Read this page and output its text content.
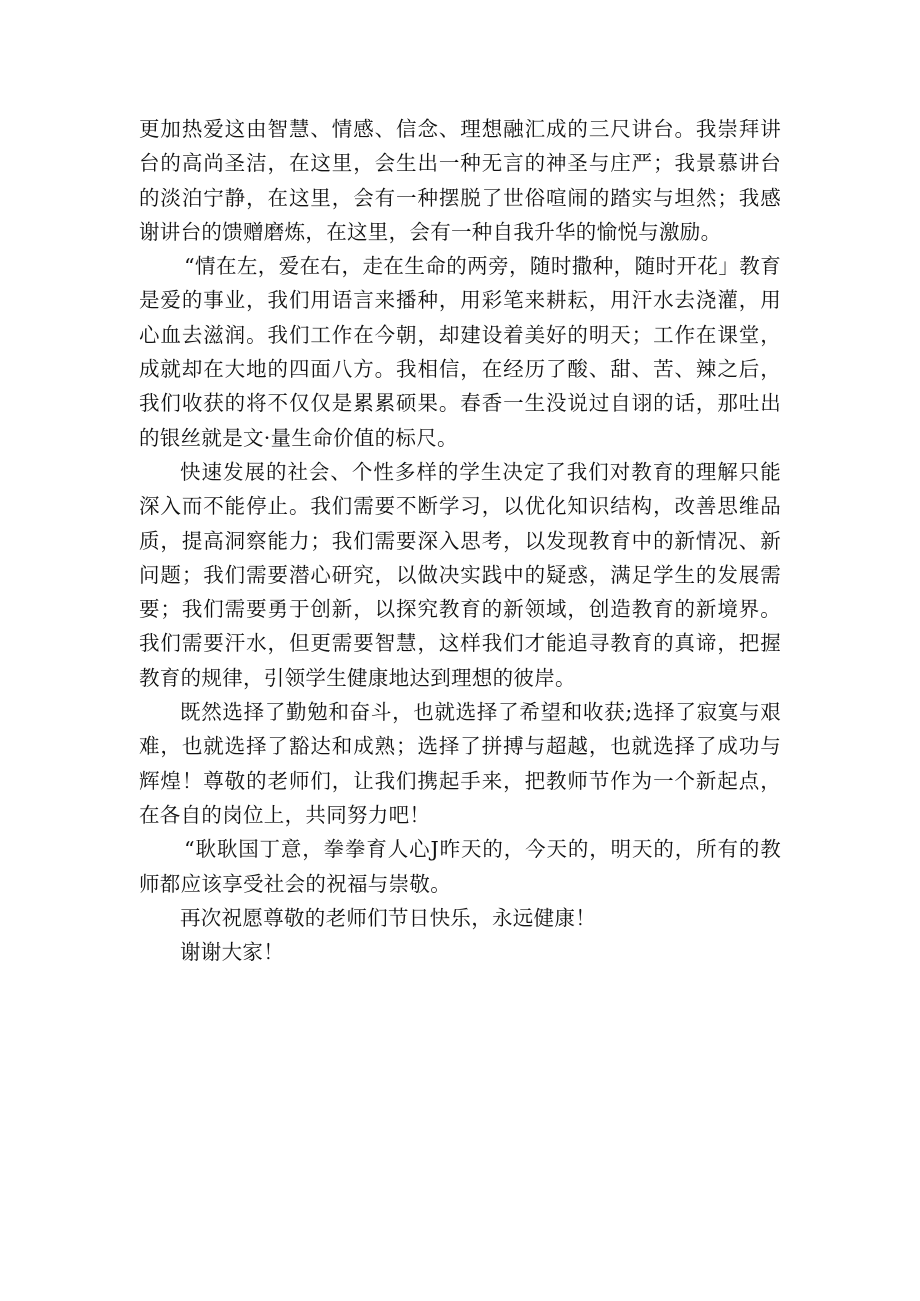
更加热爱这由智慧、情感、信念、理想融汇成的三尺讲台。我崇拜讲台的高尚圣洁，在这里，会生出一种无言的神圣与庄严；我景慕讲台的淡泊宁静，在这里，会有一种摆脱了世俗喧闹的踏实与坦然；我感谢讲台的馈赠磨炼，在这里，会有一种自我升华的愉悦与激励。

“情在左，爱在右，走在生命的两旁，随时撒种，随时开花」教育是爱的事业，我们用语言来播种，用彩笔来耕耘，用汗水去浇灌，用心血去滋润。我们工作在今朝，却建设着美好的明天；工作在课堂，成就却在大地的四面八方。我相信，在经历了酸、甜、苦、辣之后，我们收获的将不仅仅是累累硕果。春香一生没说过自诩的话，那吐出的银丝就是文·量生命价值的标尺。

快速发展的社会、个性多样的学生决定了我们对教育的理解只能深入而不能停止。我们需要不断学习，以优化知识结构，改善思维品质，提高洞察能力；我们需要深入思考，以发现教育中的新情况、新问题；我们需要潜心研究，以做决实践中的疑惑，满足学生的发展需要；我们需要勇于创新，以探究教育的新领域，创造教育的新境界。我们需要汗水，但更需要智慧，这样我们才能追寻教育的真谛，把握教育的规律，引领学生健康地达到理想的彼岸。

既然选择了勤勉和奋斗，也就选择了希望和收获;选择了寂寞与艰难，也就选择了豁达和成熟；选择了拼搏与超越，也就选择了成功与辉煌！尊敬的老师们，让我们携起手来，把教师节作为一个新起点，在各自的岗位上，共同努力吧！

“耿耿国丁意，拳拳育人心J昨天的，今天的，明天的，所有的教师都应该享受社会的祝福与崇敬。

再次祝愿尊敬的老师们节日快乐，永远健康！

谢谢大家！
